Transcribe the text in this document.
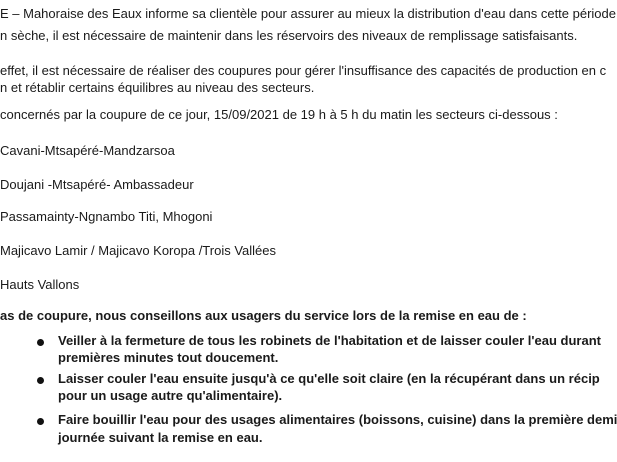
E – Mahoraise des Eaux informe sa clientèle pour assurer au mieux la distribution d'eau dans cette période
n sèche, il est nécessaire de maintenir dans les réservoirs des niveaux de remplissage satisfaisants.
effet, il est nécessaire de réaliser des coupures pour gérer l'insuffisance des capacités de production en c
n et rétablir certains équilibres au niveau des secteurs.
concernés par la coupure de ce jour, 15/09/2021 de 19 h à 5 h du matin les secteurs ci-dessous :
Cavani-Mtsapéré-Mandzarsoa
Doujani -Mtsapéré- Ambassadeur
Passamainty-Ngnambo Titi, Mhogoni
Majicavo Lamir / Majicavo Koropa /Trois Vallées
Hauts Vallons
as de coupure, nous conseillons aux usagers du service lors de la remise en eau de :
Veiller à la fermeture de tous les robinets de l'habitation et de laisser couler l'eau durant
premières minutes tout doucement.
Laisser couler l'eau ensuite jusqu'à ce qu'elle soit claire (en la récupérant dans un récip
pour un usage autre qu'alimentaire).
Faire bouillir l'eau pour des usages alimentaires (boissons, cuisine) dans la première demi
journée suivant la remise en eau.
